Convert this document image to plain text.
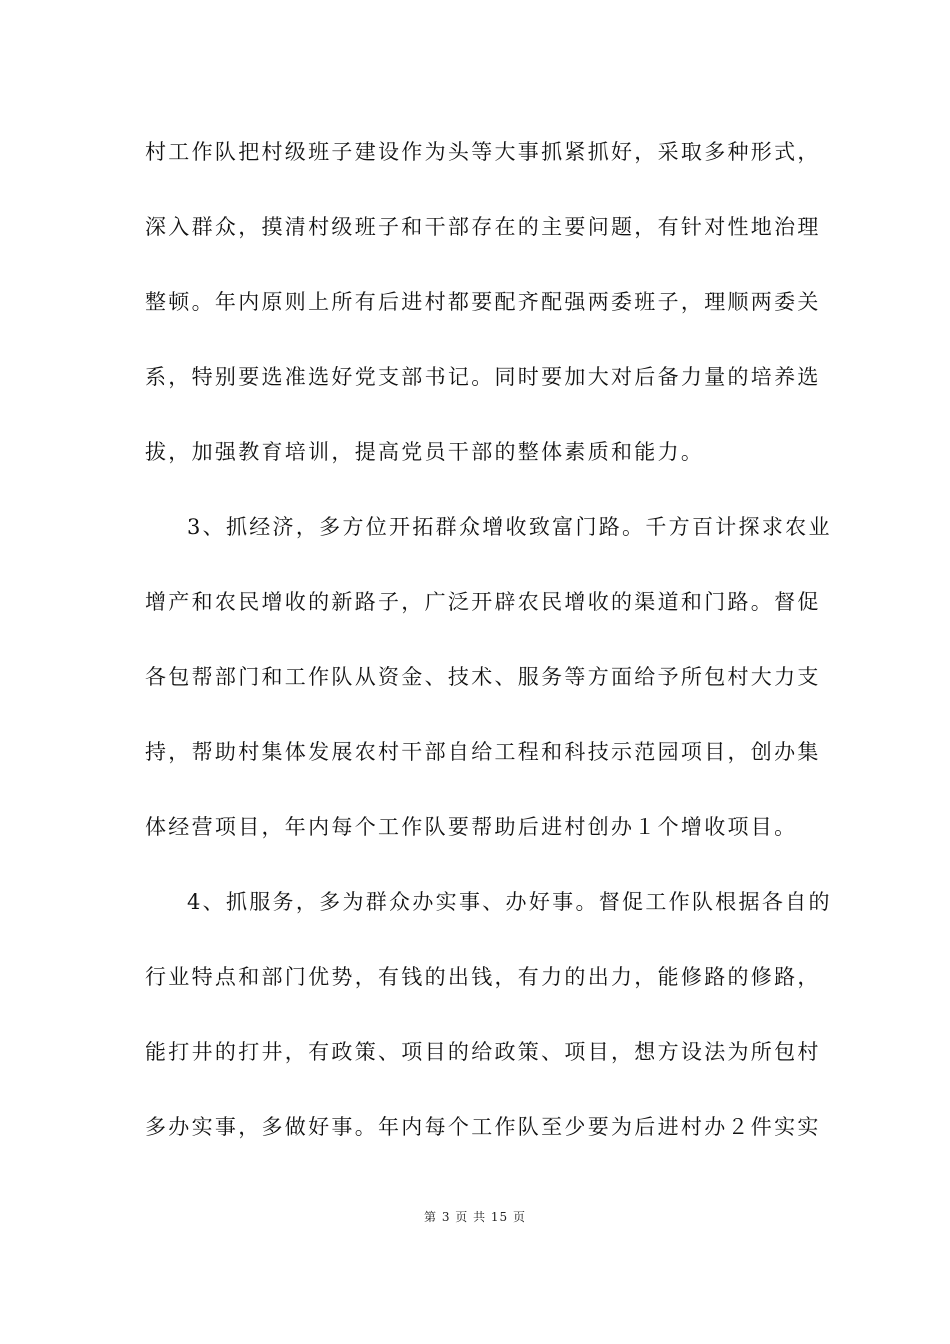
村工作队把村级班子建设作为头等大事抓紧抓好，采取多种形式，
深入群众，摸清村级班子和干部存在的主要问题，有针对性地治理
整顿。年内原则上所有后进村都要配齐配强两委班子，理顺两委关
系，特别要选准选好党支部书记。同时要加大对后备力量的培养选
拔，加强教育培训，提高党员干部的整体素质和能力。
3、抓经济，多方位开拓群众增收致富门路。千方百计探求农业
增产和农民增收的新路子，广泛开辟农民增收的渠道和门路。督促
各包帮部门和工作队从资金、技术、服务等方面给予所包村大力支
持，帮助村集体发展农村干部自给工程和科技示范园项目，创办集
体经营项目，年内每个工作队要帮助后进村创办１个增收项目。
4、抓服务，多为群众办实事、办好事。督促工作队根据各自的
行业特点和部门优势，有钱的出钱，有力的出力，能修路的修路，
能打井的打井，有政策、项目的给政策、项目，想方设法为所包村
多办实事，多做好事。年内每个工作队至少要为后进村办２件实实
第 3 页 共 15 页
